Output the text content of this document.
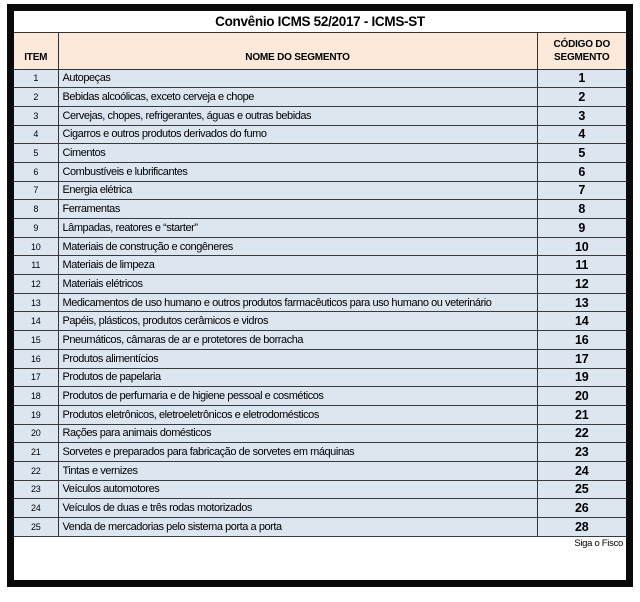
Convênio ICMS 52/2017 - ICMS-ST		
ITEM	NOME DO SEGMENTO	CÓDIGO DO SEGMENTO
1	Autopeças	1
2	Bebidas alcoólicas, exceto cerveja e chope	2
3	Cervejas, chopes, refrigerantes, águas e outras bebidas	3
4	Cigarros e outros produtos derivados do fumo	4
5	Cimentos	5
6	Combustíveis e lubrificantes	6
7	Energia elétrica	7
8	Ferramentas	8
9	Lâmpadas, reatores e “starter”	9
10	Materiais de construção e congêneres	10
11	Materiais de limpeza	11
12	Materiais elétricos	12
13	Medicamentos de uso humano e outros produtos farmacêuticos para uso humano ou veterinário	13
14	Papéis, plásticos, produtos cerâmicos e vidros	14
15	Pneumáticos, câmaras de ar e protetores de borracha	16
16	Produtos alimentícios	17
17	Produtos de papelaria	19
18	Produtos de perfumaria e de higiene pessoal e cosméticos	20
19	Produtos eletrônicos, eletroeletrônicos e eletrodomésticos	21
20	Rações para animais domésticos	22
21	Sorvetes e preparados para fabricação de sorvetes em máquinas	23
22	Tintas e vernizes	24
23	Veículos automotores	25
24	Veículos de duas e três rodas motorizados	26
25	Venda de mercadorias pelo sistema porta a porta	28
Siga o Fisco		
